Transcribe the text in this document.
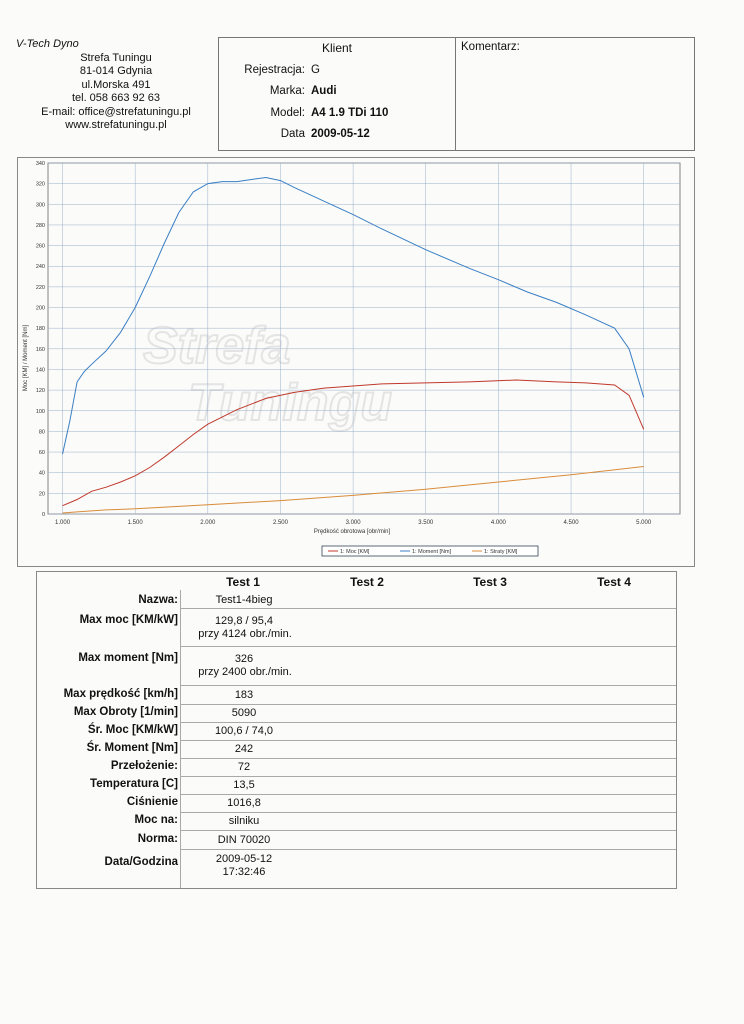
V-Tech Dyno
Strefa Tuningu
81-014 Gdynia
ul.Morska 491
tel. 058 663 92 63
E-mail: office@strefatuningu.pl
www.strefatuningu.pl
Klient
Rejestracja: G
Marka: Audi
Model: A4 1.9 TDi 110
Data 2009-05-12
Komentarz:
Strefa
Tuningu
0
20
40
60
80
100
120
140
160
180
200
220
240
260
280
300
320
340
1.000	1.500	2.000	2.500	3.000	3.500	4.000	4.500	5.000
Prędkość obrotowa [obr/min]
Moc [KM] / Moment [Nm]
1: Moc [KM]	1: Moment [Nm]	1: Straty [KM]
Test 1	Test 2	Test 3	Test 4
Nazwa:	Test1-4bieg
Max moc [KM/kW]	129,8 / 95,4
przy 4124 obr./min.
Max moment [Nm]	326
przy 2400 obr./min.
Max prędkość [km/h]	183
Max Obroty [1/min]	5090
Śr. Moc [KM/kW]	100,6 / 74,0
Śr. Moment [Nm]	242
Przełożenie:	72
Temperatura [C]	13,5
Ciśnienie	1016,8
Moc na:	silniku
Norma:	DIN 70020
Data/Godzina	2009-05-12
17:32:46
